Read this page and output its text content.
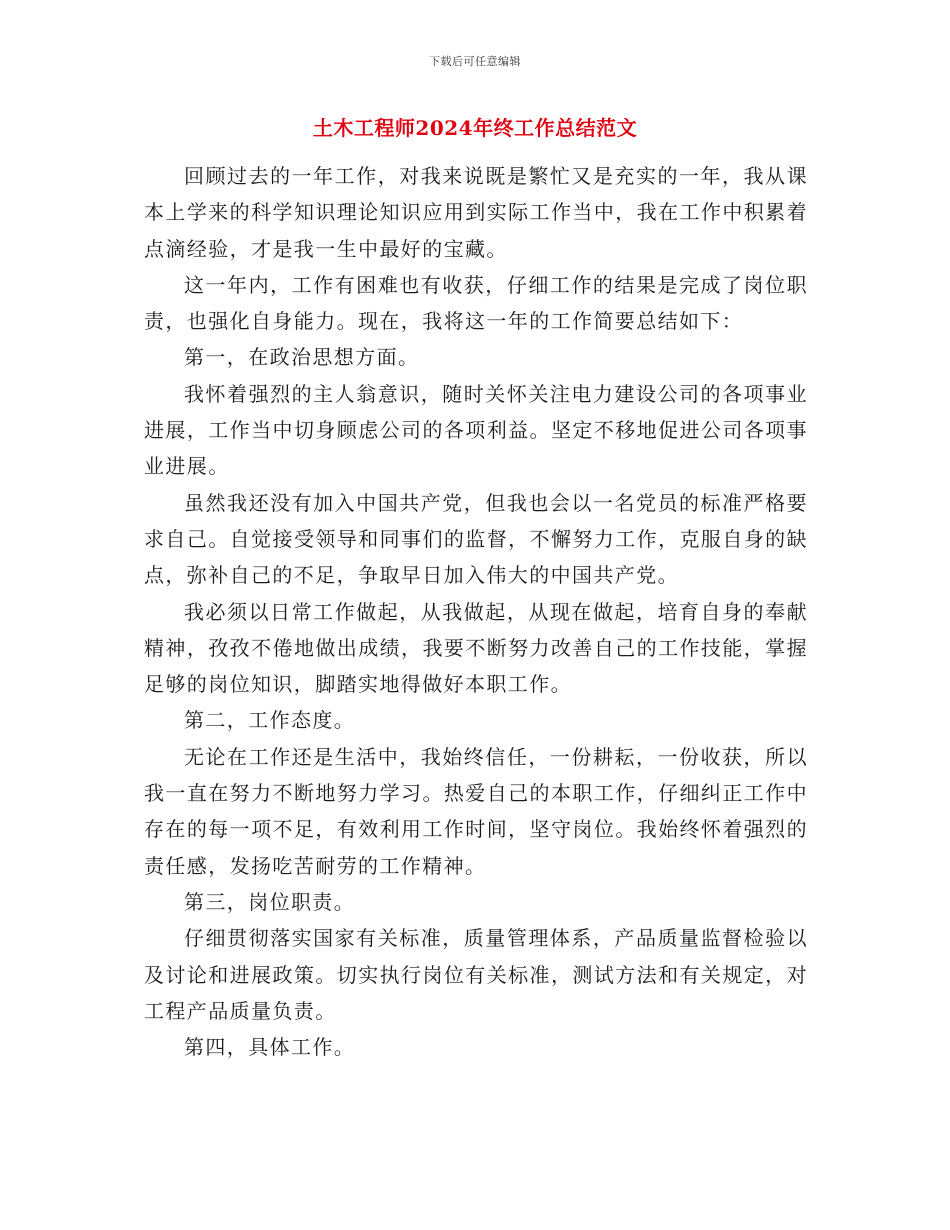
下载后可任意编辑
土木工程师2024年终工作总结范文

回顾过去的一年工作，对我来说既是繁忙又是充实的一年，我从课本上学来的科学知识理论知识应用到实际工作当中，我在工作中积累着点滴经验，才是我一生中最好的宝藏。

这一年内，工作有困难也有收获，仔细工作的结果是完成了岗位职责，也强化自身能力。现在，我将这一年的工作简要总结如下：

第一，在政治思想方面。

我怀着强烈的主人翁意识，随时关怀关注电力建设公司的各项事业进展，工作当中切身顾虑公司的各项利益。坚定不移地促进公司各项事业进展。

虽然我还没有加入中国共产党，但我也会以一名党员的标准严格要求自己。自觉接受领导和同事们的监督，不懈努力工作，克服自身的缺点，弥补自己的不足，争取早日加入伟大的中国共产党。

我必须以日常工作做起，从我做起，从现在做起，培育自身的奉献精神，孜孜不倦地做出成绩，我要不断努力改善自己的工作技能，掌握足够的岗位知识，脚踏实地得做好本职工作。

第二，工作态度。

无论在工作还是生活中，我始终信任，一份耕耘，一份收获，所以我一直在努力不断地努力学习。热爱自己的本职工作，仔细纠正工作中存在的每一项不足，有效利用工作时间，坚守岗位。我始终怀着强烈的责任感，发扬吃苦耐劳的工作精神。

第三，岗位职责。

仔细贯彻落实国家有关标准，质量管理体系，产品质量监督检验以及讨论和进展政策。切实执行岗位有关标准，测试方法和有关规定，对工程产品质量负责。

第四，具体工作。
